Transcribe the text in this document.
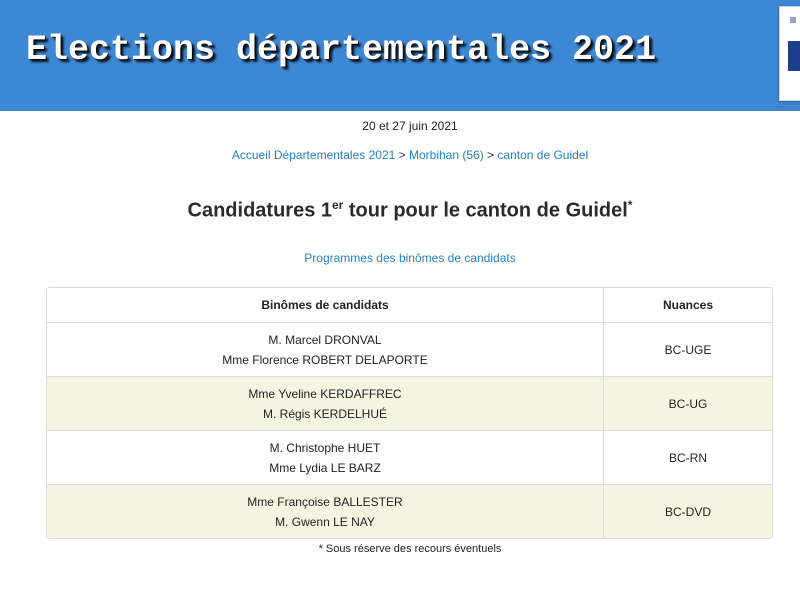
Elections départementales 2021
20 et 27 juin 2021
Accueil Départementales 2021 > Morbihan (56) > canton de Guidel
Candidatures 1er tour pour le canton de Guidel*
Programmes des binômes de candidats
Binômes de candidats	Nuances
M. Marcel DRONVAL
Mme Florence ROBERT DELAPORTE	BC-UGE
Mme Yveline KERDAFFREC
M. Régis KERDELHUÉ	BC-UG
M. Christophe HUET
Mme Lydia LE BARZ	BC-RN
Mme Françoise BALLESTER
M. Gwenn LE NAY	BC-DVD
* Sous réserve des recours éventuels
